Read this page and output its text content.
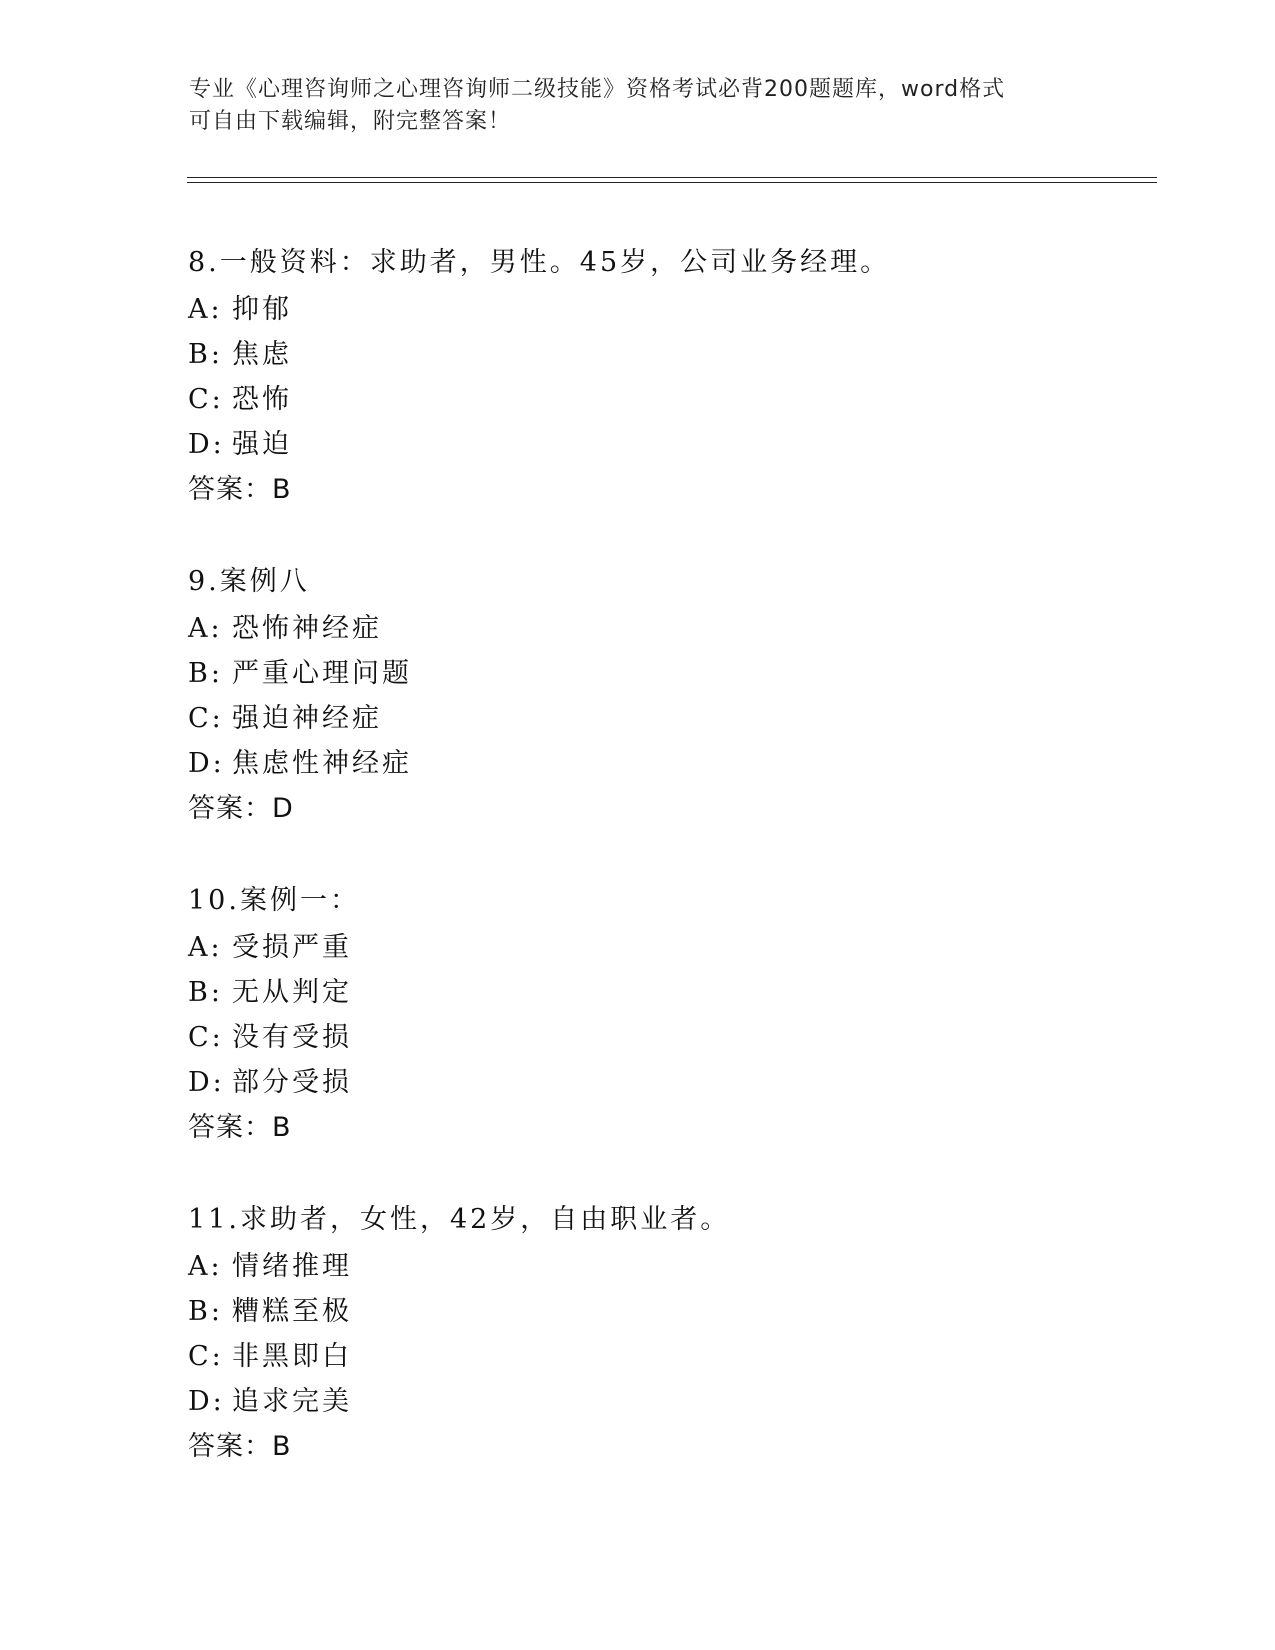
专业《心理咨询师之心理咨询师二级技能》资格考试必背200题题库，word格式
可自由下载编辑，附完整答案！
8.一般资料：求助者，男性。45岁，公司业务经理。
A: 抑郁
B: 焦虑
C: 恐怖
D: 强迫
答案：B
9.案例八
A: 恐怖神经症
B: 严重心理问题
C: 强迫神经症
D: 焦虑性神经症
答案：D
10.案例一：
A: 受损严重
B: 无从判定
C: 没有受损
D: 部分受损
答案：B
11.求助者，女性，42岁，自由职业者。
A: 情绪推理
B: 糟糕至极
C: 非黑即白
D: 追求完美
答案：B
